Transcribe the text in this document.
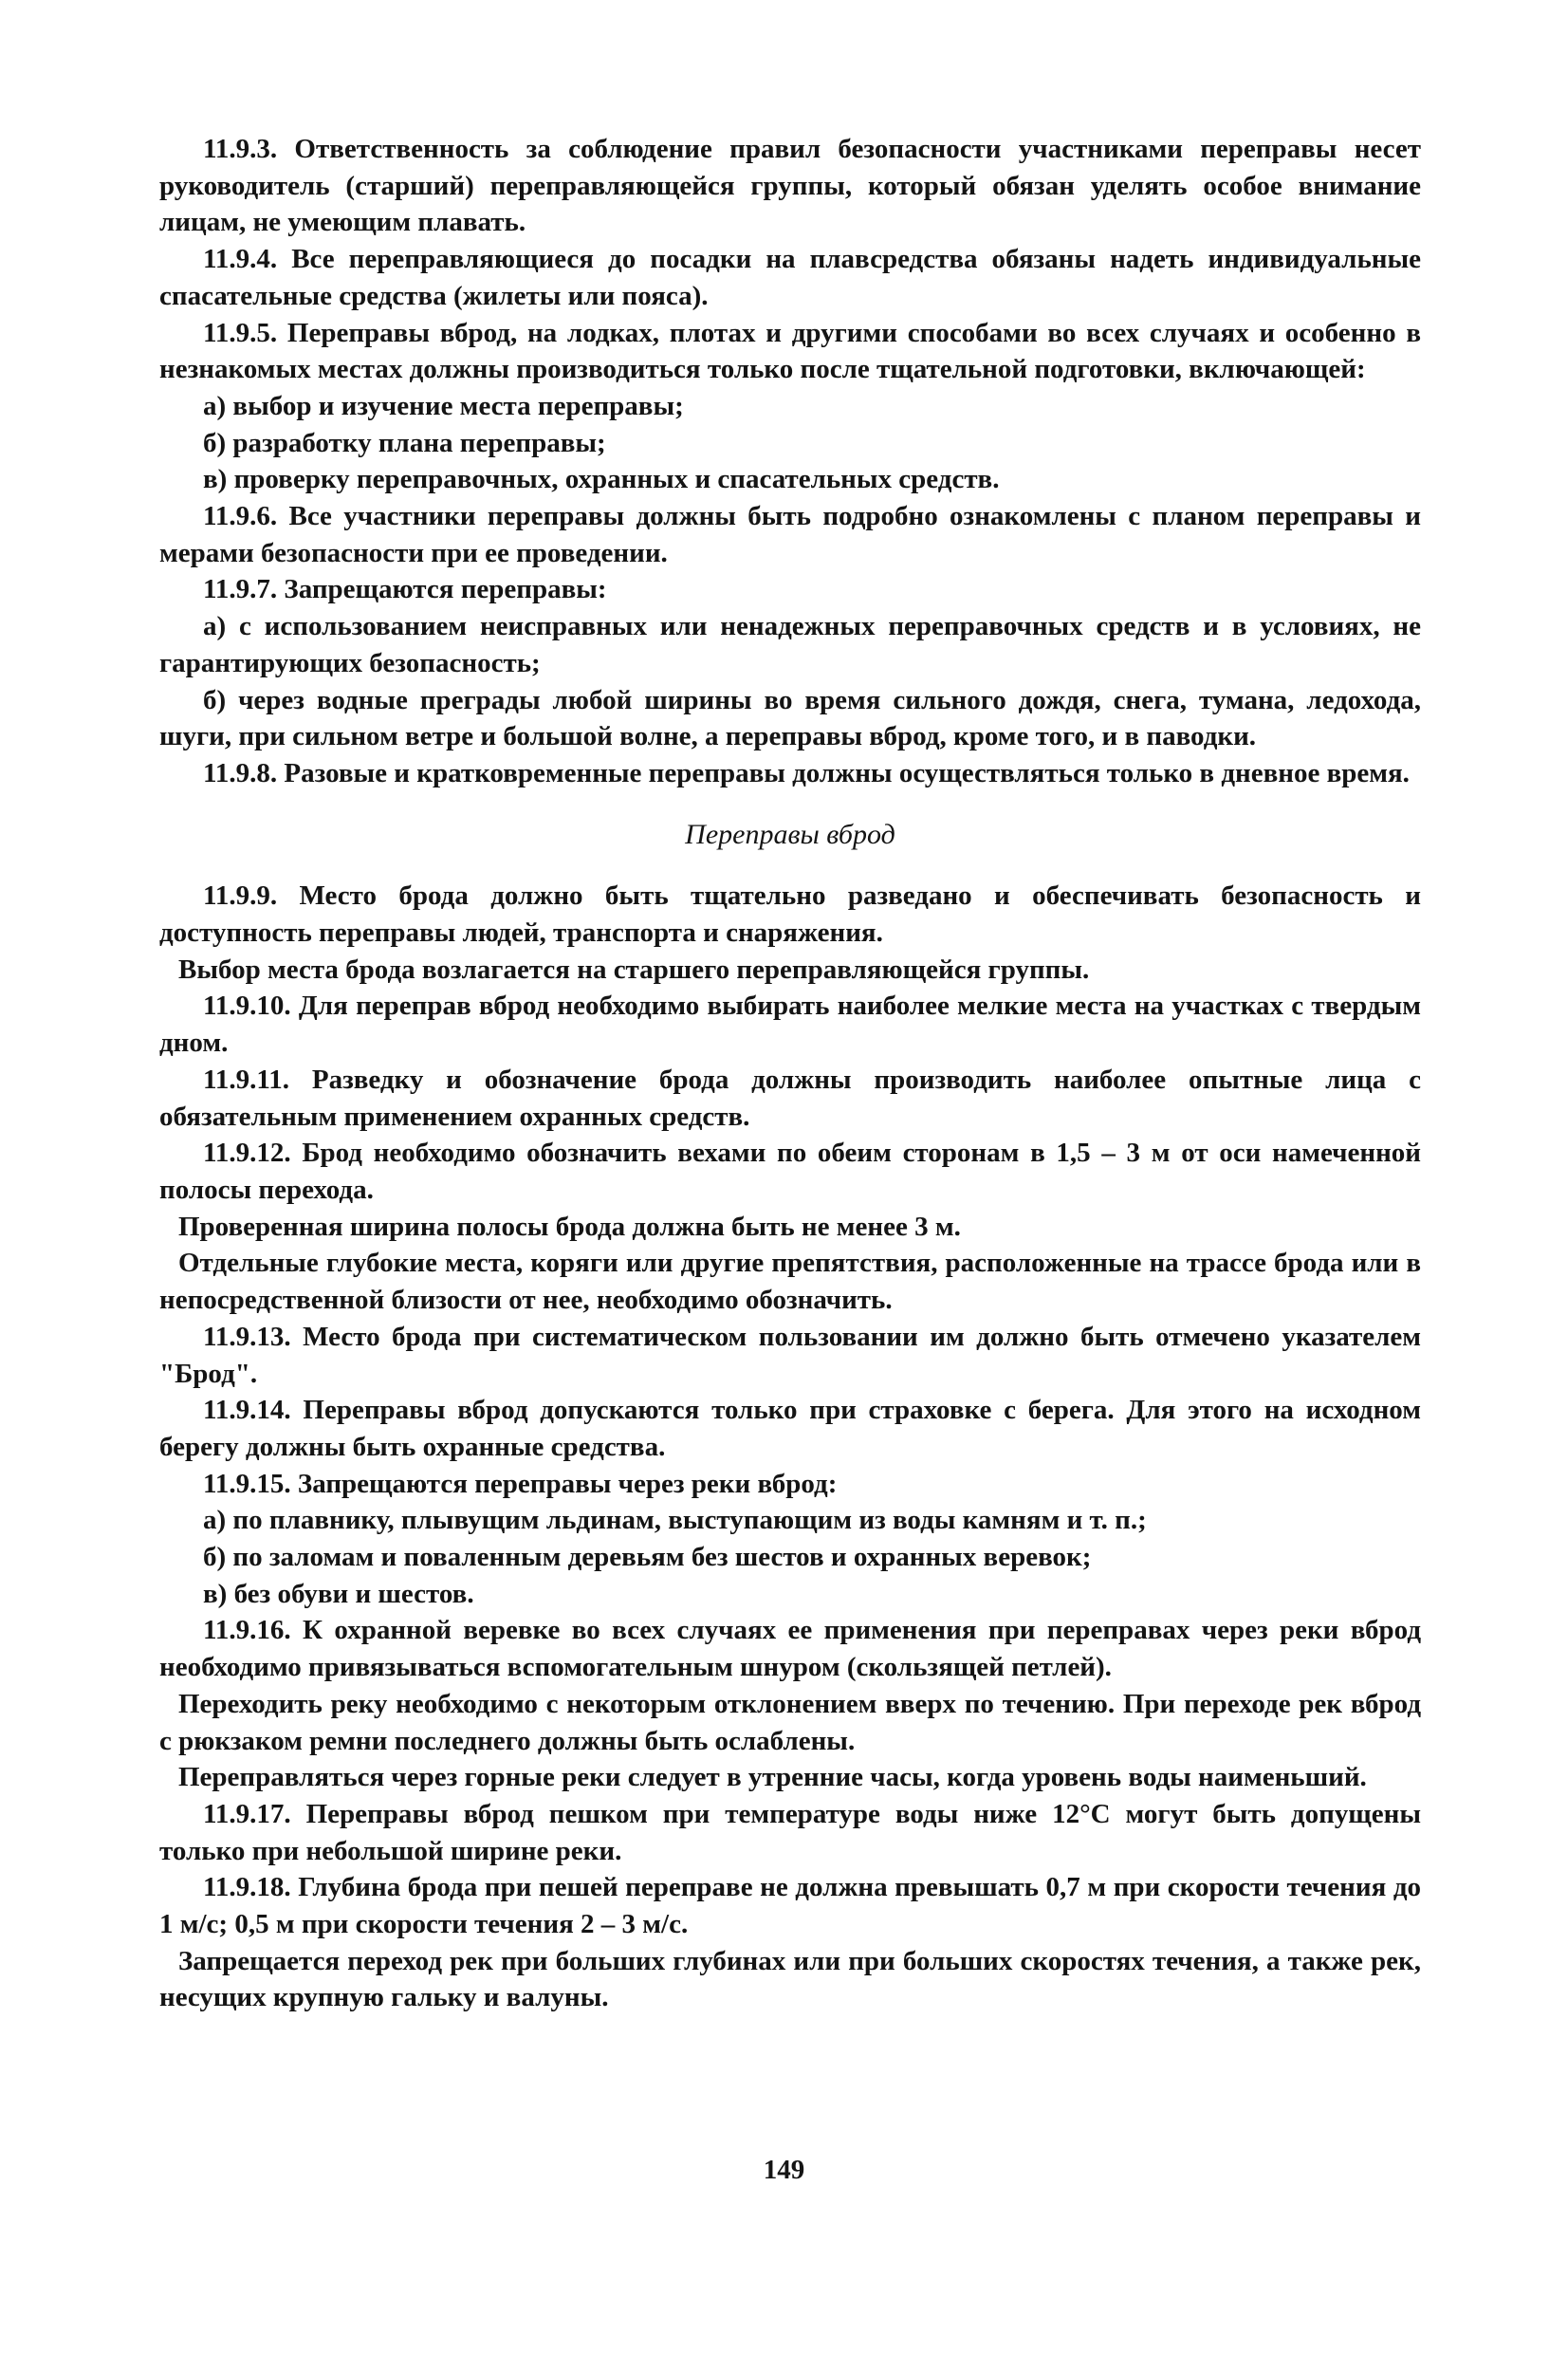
11.9.3. Ответственность за соблюдение правил безопасности участниками переправы несет руководитель (старший) переправляющейся группы, который обязан уделять особое внимание лицам, не умеющим плавать.

11.9.4. Все переправляющиеся до посадки на плавсредства обязаны надеть индивидуальные спасательные средства (жилеты или пояса).

11.9.5. Переправы вброд, на лодках, плотах и другими способами во всех случаях и особенно в незнакомых местах должны производиться только после тщательной подготовки, включающей:

а) выбор и изучение места переправы;

б) разработку плана переправы;

в) проверку переправочных, охранных и спасательных средств.

11.9.6. Все участники переправы должны быть подробно ознакомлены с планом переправы и мерами безопасности при ее проведении.

11.9.7. Запрещаются переправы:

а) с использованием неисправных или ненадежных переправочных средств и в условиях, не гарантирующих безопасность;

б) через водные преграды любой ширины во время сильного дождя, снега, тумана, ледохода, шуги, при сильном ветре и большой волне, а переправы вброд, кроме того, и в паводки.

11.9.8. Разовые и кратковременные переправы должны осуществляться только в дневное время.

Переправы вброд

11.9.9. Место брода должно быть тщательно разведано и обеспечивать безопасность и доступность переправы людей, транспорта и снаряжения.

Выбор места брода возлагается на старшего переправляющейся группы.

11.9.10. Для переправ вброд необходимо выбирать наиболее мелкие места на участках с твердым дном.

11.9.11. Разведку и обозначение брода должны производить наиболее опытные лица с обязательным применением охранных средств.

11.9.12. Брод необходимо обозначить вехами по обеим сторонам в 1,5 – 3 м от оси намеченной полосы перехода.

Проверенная ширина полосы брода должна быть не менее 3 м.

Отдельные глубокие места, коряги или другие препятствия, расположенные на трассе брода или в непосредственной близости от нее, необходимо обозначить.

11.9.13. Место брода при систематическом пользовании им должно быть отмечено указателем "Брод".

11.9.14. Переправы вброд допускаются только при страховке с берега. Для этого на исходном берегу должны быть охранные средства.

11.9.15. Запрещаются переправы через реки вброд:

а) по плавнику, плывущим льдинам, выступающим из воды камням и т. п.;

б) по заломам и поваленным деревьям без шестов и охранных веревок;

в) без обуви и шестов.

11.9.16. К охранной веревке во всех случаях ее применения при переправах через реки вброд необходимо привязываться вспомогательным шнуром (скользящей петлей).

Переходить реку необходимо с некоторым отклонением вверх по течению. При переходе рек вброд с рюкзаком ремни последнего должны быть ослаблены.

Переправляться через горные реки следует в утренние часы, когда уровень воды наименьший.

11.9.17. Переправы вброд пешком при температуре воды ниже 12°С могут быть допущены только при небольшой ширине реки.

11.9.18. Глубина брода при пешей переправе не должна превышать 0,7 м при скорости течения до 1 м/с; 0,5 м при скорости течения 2 – 3 м/с.

Запрещается переход рек при больших глубинах или при больших скоростях течения, а также рек, несущих крупную гальку и валуны.

149
